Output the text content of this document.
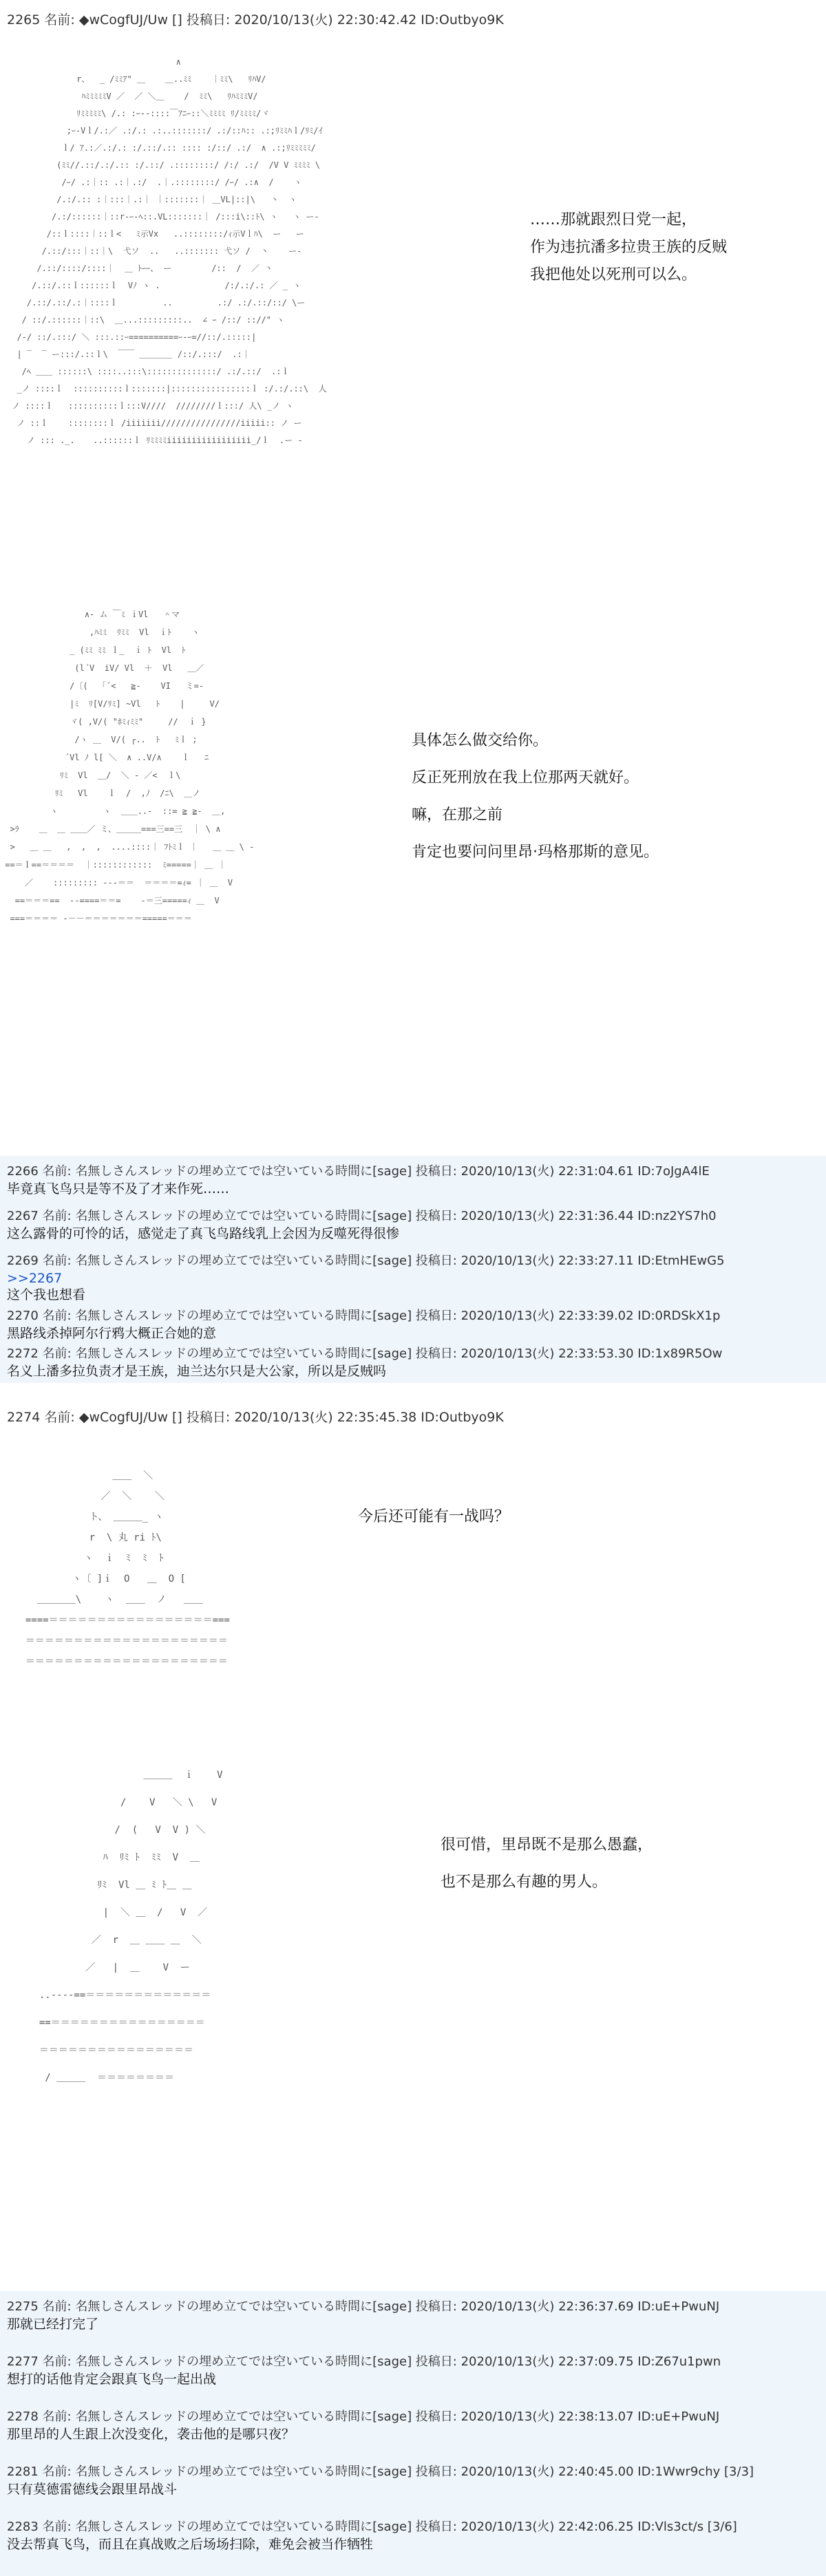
2265 名前: ◆wCogfUJ/Uw [] 投稿日: 2020/10/13(火) 22:30:42.42 ID:Outbyo9K
∧
r、  _ /ﾐﾐｱ" ＿    ＿..ﾐﾐ    ｜ﾐﾐ\   ﾘﾊV/
ﾊﾐﾐﾐﾐﾐV ／  ／ ＼＿    /  ﾐﾐ\   ﾘﾊﾐﾐﾐV/
ﾘﾐﾐﾐﾐﾐ\ /.: :ｰ‐-::::￣ｱﾆｰ::＼ﾐﾐﾐﾐ ﾘ/ﾐﾐﾐﾐ/ヾ
;ｰ-Vｌ/.:／ .:/.: .:..:::::::/ .:/::ﾊ:: .:;ﾘﾐﾐﾊｌ/ﾘﾐ/ｲ
ｌ/ ｱ.:／.:/.: :/.::/.:: :::: :/::/ .:/  ∧ .:;ﾘﾐﾐﾐﾐﾐ/
(ﾐﾐ//.::/.:/.:: :/.::/ .::::::::/ /:/ .:/  /V V ﾐﾐﾐﾐ \
/ｰ/ .:｜:: .:｜.:/  .｜.::::::::/ /ｰ/ .:∧  /    ヽ
/.:/.:: :｜:::｜.:｜ ｜:::::::｜ ＿VL|::|\   丶  ヽ
/.:/::::::｜::r‐ｰ-ﾍ::.VL:::::::｜ /:::i\::ﾄ\ ヽ   ヽ ー‐
/::ｌ::::｜::ｌ<   ﾐ示Vx   ..::::::::/ｨ示Vｌﾊ\  ー   ー
/.::/:::｜::｜\  弋ソ  ..   ..::::::: 弋ソ /  丶    ー‐
/.::/::::/::::｜  ＿ ﾄｰｰ、 ー        /::  /  ／ 丶
/.::/.::ｌ::::::ｌ  Vﾉ ヽ .             /:/.:/.: ／ _ ヽ
/.::/.::/.:｜::::ｌ         ..         .:/ .:/.::/::/ \ー
/ ::/.::::::｜::\  ＿...:::::::::..  ∠ ｰ /::/ :://" ヽ
/‐/ ::/.:::/ ＼ :::.::ｰ==========ｰ‐ｰ=//::/.:::::|
| ‾  ‾ ー:::/.::ｌ\  ￣￣ ＿＿＿＿ /::/.:::/  .:｜
/ﾍ ＿＿ ::::::\ ::::..:::\::::::::::::::/ .:/.::/  .:ｌ
_ノ ::::ｌ  ::::::::::ｌ:::::::|::::::::::::::::ｌ :/.:/.::\  人
ノ ::::ｌ   ::::::::::ｌ:::V////  ////////ｌ:::/ 人\ _ノ ヽ
ノ ::ｌ    ::::::::ｌ /iiiiiii////////////////iiiii:: ノ ー
ノ ::: ._.　  ..::::::ｌ ﾘﾐﾐﾐﾐiiiiiiiiiiiiiiiii_/ｌ  .ー ‐
……那就跟烈日党一起，
作为违抗潘多拉贵王族的反贼
我把他处以死刑可以么。
∧‐ ム ￣ﾐ ｉVl   ＾マ
,ﾊﾐﾐ  ﾘﾐﾐ  Vl  ｉﾄ    ヽ
_ (ﾐﾐ ﾐﾐ ｌ_  ｉ ﾄ  Vl  ﾄ
(l´V  iV/ Vl  ＋  Vl   ＿／
/〔(  「´<   ≧-    VI   ミ=-
|ﾐ  ﾘ[V/ﾘﾐ] ~Vl   ﾄ    |     V/
ヾ( ,V/( "ﾎﾐｨﾐﾐ"     //  ｉ }
/ヽ ＿  V/( ┌..  ﾄ   ﾐｌ ;
´Vl ﾉ l[ ＼  ∧ ..V/∧    ｌ   ﾆ
ﾘﾐ  Vl  ＿/  ＼ ‐ ／<  ｌ\
ﾘﾐ   Vl    ｌ  /  ,ﾉ  /ﾆ\  ＿ノ
ヽ         ヽ  ＿＿..-  ::= ≧ ≧-  ＿,
>ﾗ    ＿  ＿ ＿＿／ ミ、＿＿＿===三==三  ｜ \ ∧
>   ＿ ＿   ,  ,  ,  ....::::｜ ﾌﾄﾐｌ ｜   ＿ ＿ \ ‐
==＝ｌ==＝＝＝＝  ｜::::::::::::  ﾐ=====｜ ＿ ｜
／    ::::::::: ‐‐-＝＝  ＝＝＝＝=ｨ= ｜ ＿  V
==＝＝＝==  ‐‐====＝＝=    ‐＝三=====ｨ ＿  V
===＝＝＝＝ ‐－－＝＝＝＝＝＝＝=====＝＝＝
具体怎么做交给你。
反正死刑放在我上位那两天就好。
嘛，在那之前
肯定也要问问里昂·玛格那斯的意见。
2266 名前: 名無しさんスレッドの埋め立てでは空いている時間に[sage] 投稿日: 2020/10/13(火) 22:31:04.61 ID:7oJgA4lE
毕竟真飞鸟只是等不及了才来作死……
2267 名前: 名無しさんスレッドの埋め立てでは空いている時間に[sage] 投稿日: 2020/10/13(火) 22:31:36.44 ID:nz2YS7h0
这么露骨的可怜的话，感觉走了真飞鸟路线乳上会因为反噬死得很惨
2269 名前: 名無しさんスレッドの埋め立てでは空いている時間に[sage] 投稿日: 2020/10/13(火) 22:33:27.11 ID:EtmHEwG5
>>2267
这个我也想看
2270 名前: 名無しさんスレッドの埋め立てでは空いている時間に[sage] 投稿日: 2020/10/13(火) 22:33:39.02 ID:0RDSkX1p
黑路线杀掉阿尔行鸦大概正合她的意
2272 名前: 名無しさんスレッドの埋め立てでは空いている時間に[sage] 投稿日: 2020/10/13(火) 22:33:53.30 ID:1x89R5Ow
名义上潘多拉负责才是王族，迪兰达尔只是大公家，所以是反贼吗
2274 名前: ◆wCogfUJ/Uw [] 投稿日: 2020/10/13(火) 22:35:45.38 ID:Outbyo9K
＿＿  ＼
／  ＼    ＼
ト、 ＿＿＿_ ヽ
r  \ 丸 ri ﾄ\
ヽ  ｉ  ﾐ  ﾐ  ﾄ
ヽ〔 ]ｉ  O   ＿  O [
＿＿＿＿\    ヽ  ＿＿  ノ   ＿＿
====＝＝＝＝＝＝＝＝＝＝＝＝＝＝＝＝＝===
＝＝＝＝＝＝＝＝＝＝＝＝＝＝＝＝＝＝＝＝＝
＝＝＝＝＝＝＝＝＝＝＝＝＝＝＝＝＝＝＝＝＝
今后还可能有一战吗？
＿＿＿  ｉ    V
/    V   ＼ \   V
/  (   V  V ) ＼
ﾊ  ﾘﾐ ﾄ  ﾐﾐ  V  ＿
ﾘﾐ  Vl ＿ ﾐ ﾄ＿ ＿
|  ＼ ＿  /   V  ／
／  r  ＿ ＿＿ ＿  ＼
／   |  ＿    V  ー
..‐‐‐‐==＝＝＝＝＝＝＝＝＝＝＝＝＝
==＝＝＝＝＝＝＝＝＝＝＝＝＝＝＝＝
＝＝＝＝＝＝＝＝＝＝＝＝＝＝＝＝
/ ＿＿＿  ＝＝＝＝＝＝＝＝
很可惜，里昂既不是那么愚蠢，
也不是那么有趣的男人。
2275 名前: 名無しさんスレッドの埋め立てでは空いている時間に[sage] 投稿日: 2020/10/13(火) 22:36:37.69 ID:uE+PwuNJ
那就已经打完了
2277 名前: 名無しさんスレッドの埋め立てでは空いている時間に[sage] 投稿日: 2020/10/13(火) 22:37:09.75 ID:Z67u1pwn
想打的话他肯定会跟真飞鸟一起出战
2278 名前: 名無しさんスレッドの埋め立てでは空いている時間に[sage] 投稿日: 2020/10/13(火) 22:38:13.07 ID:uE+PwuNJ
那里昂的人生跟上次没变化，袭击他的是哪只夜？
2281 名前: 名無しさんスレッドの埋め立てでは空いている時間に[sage] 投稿日: 2020/10/13(火) 22:40:45.00 ID:1Wwr9chy [3/3]
只有莫德雷德线会跟里昂战斗
2283 名前: 名無しさんスレッドの埋め立てでは空いている時間に[sage] 投稿日: 2020/10/13(火) 22:42:06.25 ID:Vls3ct/s [3/6]
没去帮真飞鸟，而且在真战败之后场场扫除，难免会被当作牺牲
